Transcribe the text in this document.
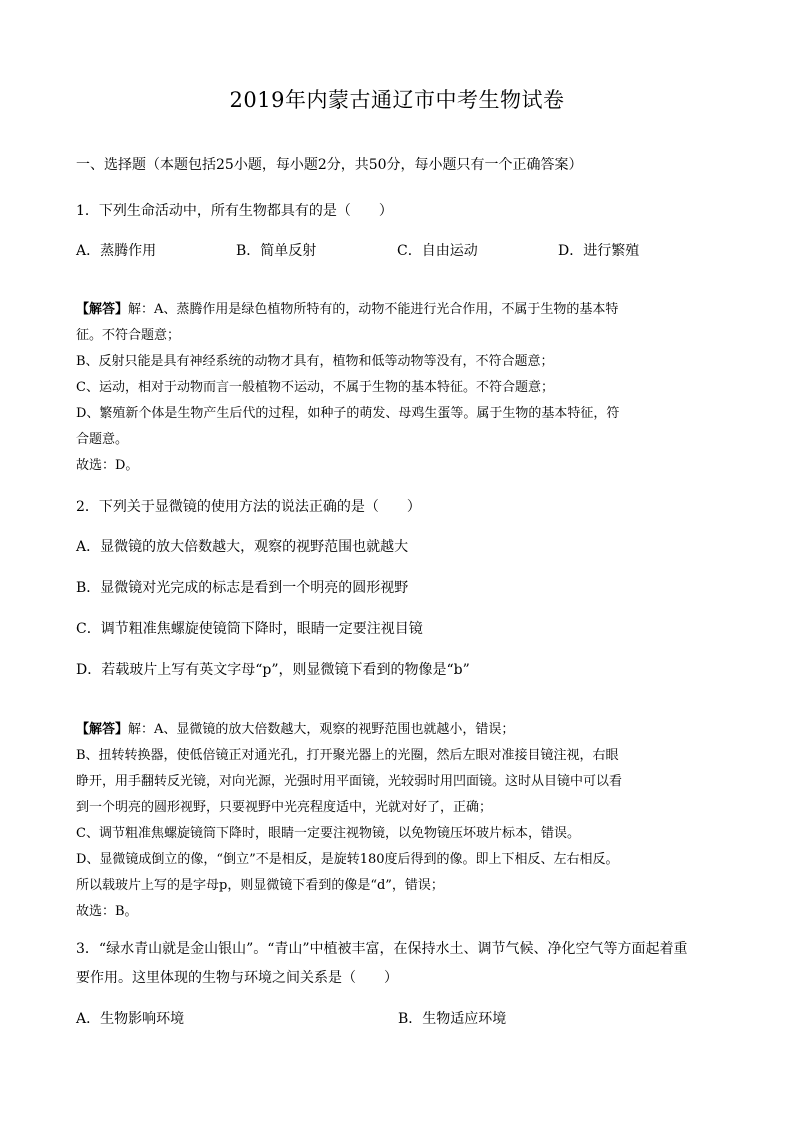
2019年内蒙古通辽市中考生物试卷
一、选择题（本题包括25小题，每小题2分，共50分，每小题只有一个正确答案）
1．下列生命活动中，所有生物都具有的是（　　）
A．蒸腾作用	B．简单反射	C．自由运动	D．进行繁殖

【解答】解：A、蒸腾作用是绿色植物所特有的，动物不能进行光合作用，不属于生物的基本特

征。不符合题意；

B、反射只能是具有神经系统的动物才具有，植物和低等动物等没有，不符合题意；

C、运动，相对于动物而言一般植物不运动，不属于生物的基本特征。不符合题意；

D、繁殖新个体是生物产生后代的过程，如种子的萌发、母鸡生蛋等。属于生物的基本特征，符

合题意。

故选：D。

2．下列关于显微镜的使用方法的说法正确的是（　　）
A．显微镜的放大倍数越大，观察的视野范围也就越大
B．显微镜对光完成的标志是看到一个明亮的圆形视野
C．调节粗准焦螺旋使镜筒下降时，眼睛一定要注视目镜
D．若载玻片上写有英文字母“p”，则显微镜下看到的物像是“b”

【解答】解：A、显微镜的放大倍数越大，观察的视野范围也就越小，错误；

B、扭转转换器，使低倍镜正对通光孔，打开聚光器上的光圈，然后左眼对准接目镜注视，右眼

睁开，用手翻转反光镜，对向光源，光强时用平面镜，光较弱时用凹面镜。这时从目镜中可以看

到一个明亮的圆形视野，只要视野中光亮程度适中，光就对好了，正确；

C、调节粗准焦螺旋镜筒下降时，眼睛一定要注视物镜，以免物镜压坏玻片标本，错误。

D、显微镜成倒立的像，“倒立”不是相反，是旋转180度后得到的像。即上下相反、左右相反。

所以载玻片上写的是字母p，则显微镜下看到的像是“d”，错误；

故选：B。

3．“绿水青山就是金山银山”。“青山”中植被丰富，在保持水土、调节气候、净化空气等方面起着重

要作用。这里体现的生物与环境之间关系是（　　）

A．生物影响环境	B．生物适应环境
